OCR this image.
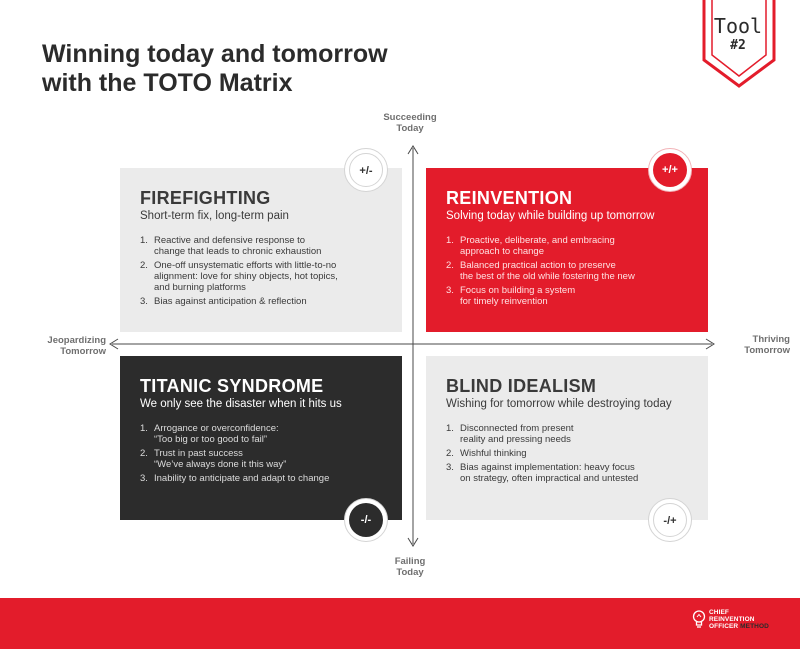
Winning today and tomorrow
with the TOTO Matrix
Tool
#2
Succeeding
Today
Failing
Today
Jeopardizing
Tomorrow
Thriving
Tomorrow
FIREFIGHTING
Short-term fix, long-term pain
1. Reactive and defensive response to
change that leads to chronic exhaustion
2. One-off unsystematic efforts with little-to-no
alignment: love for shiny objects, hot topics,
and burning platforms
3. Bias against anticipation & reflection
REINVENTION
Solving today while building up tomorrow
1. Proactive, deliberate, and embracing
approach to change
2. Balanced practical action to preserve
the best of the old while fostering the new
3. Focus on building a system
for timely reinvention
TITANIC SYNDROME
We only see the disaster when it hits us
1. Arrogance or overconfidence:
“Too big or too good to fail”
2. Trust in past success
“We’ve always done it this way”
3. Inability to anticipate and adapt to change
BLIND IDEALISM
Wishing for tomorrow while destroying today
1. Disconnected from present
reality and pressing needs
2. Wishful thinking
3. Bias against implementation: heavy focus
on strategy, often impractical and untested
+/-	+/+
-/-	-/+
CHIEF
REINVENTION
OFFICER METHOD
